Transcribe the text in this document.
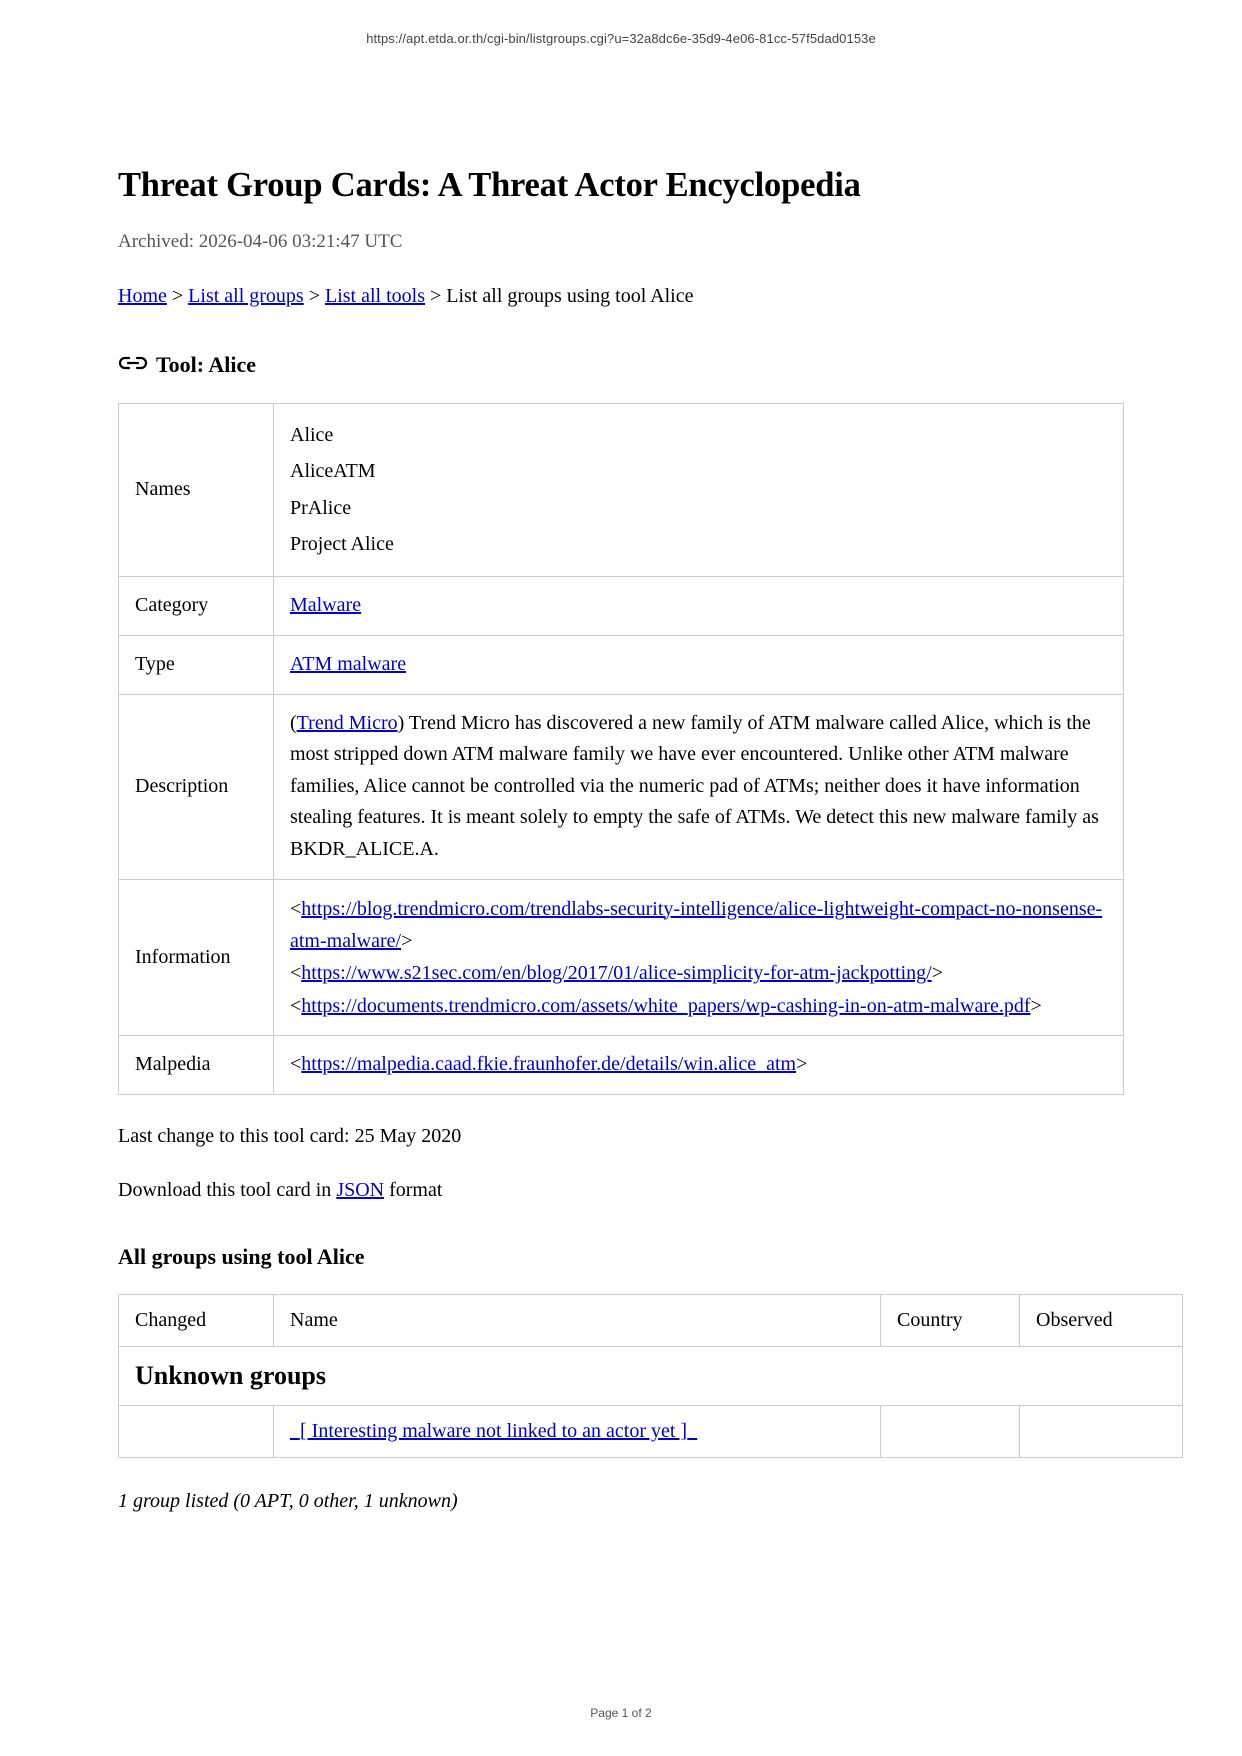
https://apt.etda.or.th/cgi-bin/listgroups.cgi?u=32a8dc6e-35d9-4e06-81cc-57f5dad0153e
Threat Group Cards: A Threat Actor Encyclopedia
Archived: 2026-04-06 03:21:47 UTC
Home > List all groups > List all tools > List all groups using tool Alice
Tool: Alice
Names	Alice
AliceATM
PrAlice
Project Alice

Category	Malware
Type	ATM malware
Description	(Trend Micro) Trend Micro has discovered a new family of ATM malware called Alice, which is the most stripped down ATM malware family we have ever encountered. Unlike other ATM malware families, Alice cannot be controlled via the numeric pad of ATMs; neither does it have information stealing features. It is meant solely to empty the safe of ATMs. We detect this new malware family as BKDR_ALICE.A.
Information	<https://blog.trendmicro.com/trendlabs-security-intelligence/alice-lightweight-compact-no-nonsense-atm-malware/>
<https://www.s21sec.com/en/blog/2017/01/alice-simplicity-for-atm-jackpotting/>
<https://documents.trendmicro.com/assets/white_papers/wp-cashing-in-on-atm-malware.pdf>

Malpedia	<https://malpedia.caad.fkie.fraunhofer.de/details/win.alice_atm>
Last change to this tool card: 25 May 2020
Download this tool card in JSON format
All groups using tool Alice
Changed	Name	Country	Observed
Unknown groups			
	_[ Interesting malware not linked to an actor yet ]_		
1 group listed (0 APT, 0 other, 1 unknown)
Page 1 of 2
